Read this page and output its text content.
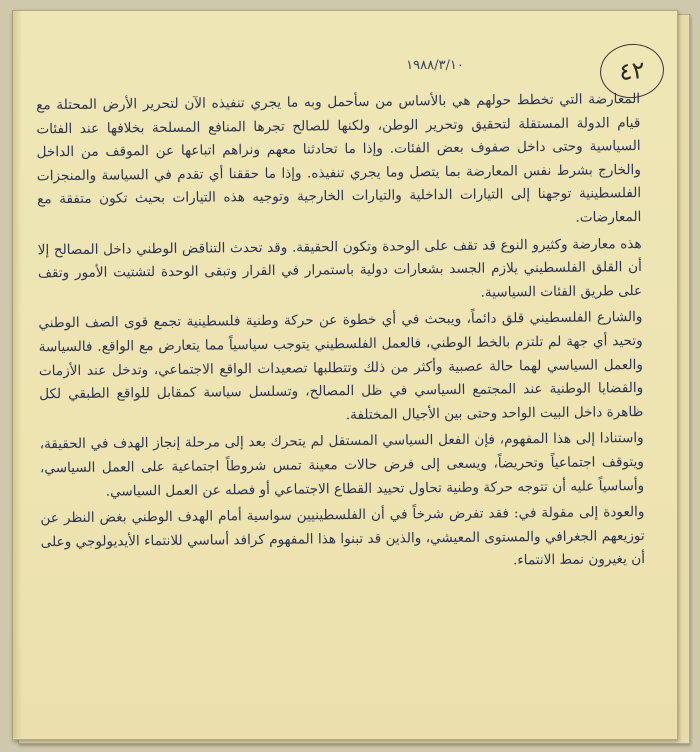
٤٢
١٩٨٨/٣/١٠

المعارضة التي تخطط حولهم هي بالأساس من سأحمل وبه ما يجري تنفيذه الآن لتحرير الأرض المحتلة مع قيام الدولة المستقلة لتحقيق وتحرير الوطن، ولكنها للصالح تجرها المنافع المسلحة بخلافها عند الفئات السياسية وحتى داخل صفوف بعض الفئات. وإذا ما تحادثنا معهم ونراهم اتباعها عن الموقف من الداخل والخارج بشرط نفس المعارضة بما يتصل وما يجري تنفيذه. وإذا ما حققنا أي تقدم في السياسة والمنجزات الفلسطينية توجهنا إلى التيارات الداخلية والتيارات الخارجية وتوجيه هذه التيارات بحيث تكون متفقة مع المعارضات.

هذه معارضة وكثيرو النوع قد تقف على الوحدة وتكون الحقيقة. وقد تحدث التناقض الوطني داخل المصالح إلا أن القلق الفلسطيني يلازم الجسد بشعارات دولية باستمرار في القرار وتبقى الوحدة لتشتيت الأمور وتقف على طريق الفئات السياسية.

والشارع الفلسطيني قلق دائماً، ويبحث في أي خطوة عن حركة وطنية فلسطينية تجمع قوى الصف الوطني وتحيد أي جهة لم تلتزم بالخط الوطني، فالعمل الفلسطيني يتوجب سياسياً مما يتعارض مع الواقع. فالسياسة والعمل السياسي لهما حالة عصبية وأكثر من ذلك وتتطلبها تصعيدات الواقع الاجتماعي، وتدخل عند الأزمات والقضايا الوطنية عند المجتمع السياسي في ظل المصالح، وتسلسل سياسة كمقابل للواقع الطبقي لكل ظاهرة داخل البيت الواحد وحتى بين الأجيال المختلفة.

واستنادا إلى هذا المفهوم، فإن الفعل السياسي المستقل لم يتحرك بعد إلى مرحلة إنجاز الهدف في الحقيقة، ويتوقف اجتماعياً وتحريضاً، ويسعى إلى فرض حالات معينة تمس شروطاً اجتماعية على العمل السياسي، وأساسياً عليه أن تتوجه حركة وطنية تحاول تحييد القطاع الاجتماعي أو فصله عن العمل السياسي.

والعودة إلى مقولة في: فقد تفرض شرخاً في أن الفلسطينيين سواسية أمام الهدف الوطني بغض النظر عن توزيعهم الجغرافي والمستوى المعيشي، والذين قد تبنوا هذا المفهوم كرافد أساسي للانتماء الأيديولوجي وعلى أن يغيرون نمط الانتماء.
